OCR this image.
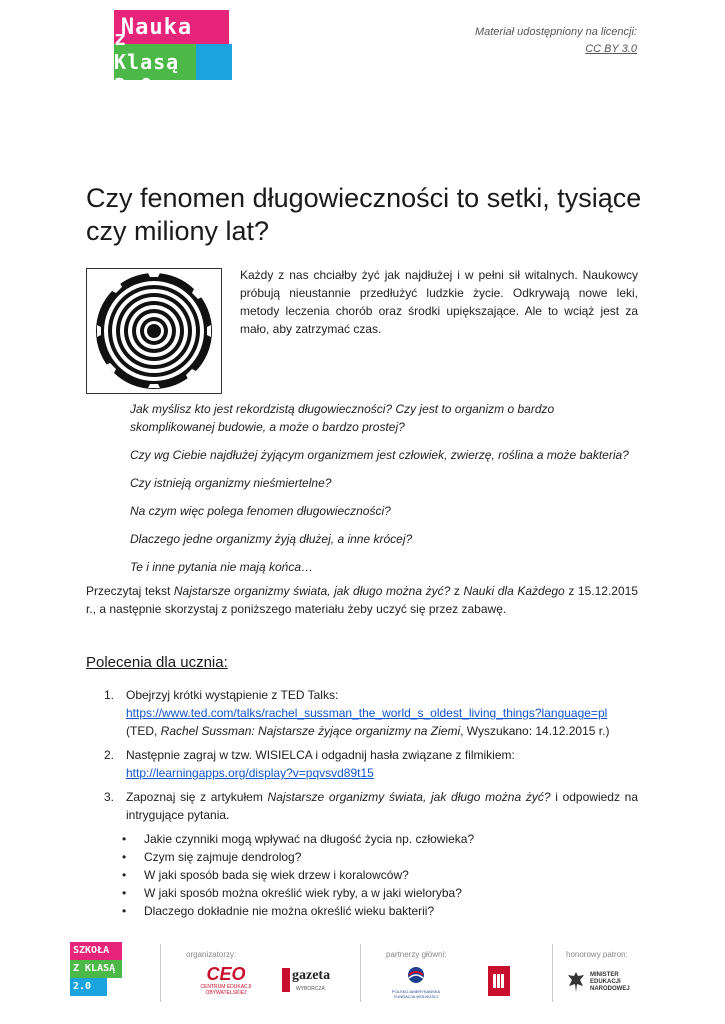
Nauka
z Klasą 2.0
Materiał udostępniony na licencji:
CC BY 3.0
Czy fenomen długowieczności to setki, tysiące czy miliony lat?
Każdy z nas chciałby żyć jak najdłużej i w pełni sił witalnych. Naukowcy próbują nieustannie przedłużyć ludzkie życie. Odkrywają nowe leki, metody leczenia chorób oraz środki upiększające. Ale to wciąż jest za mało, aby zatrzymać czas.

Jak myślisz kto jest rekordzistą długowieczności? Czy jest to organizm o bardzo skomplikowanej budowie, a może o bardzo prostej?

Czy wg Ciebie najdłużej żyjącym organizmem jest człowiek, zwierzę, roślina a może bakteria?

Czy istnieją organizmy nieśmiertelne?

Na czym więc polega fenomen długowieczności?

Dlaczego jedne organizmy żyją dłużej, a inne krócej?

Te i inne pytania nie mają końca…

Przeczytaj tekst Najstarsze organizmy świata, jak długo można żyć? z Nauki dla Każdego z 15.12.2015 r., a następnie skorzystaj z poniższego materiału żeby uczyć się przez zabawę.
Polecenia dla ucznia:
1. Obejrzyj krótki wystąpienie z TED Talks:
https://www.ted.com/talks/rachel_sussman_the_world_s_oldest_living_things?language=pl
(TED, Rachel Sussman: Najstarsze żyjące organizmy na Ziemi, Wyszukano: 14.12.2015 r.)
2. Następnie zagraj w tzw. WISIELCA i odgadnij hasła związane z filmikiem:
http://learningapps.org/display?v=pqvsvd89t15
3. Zapoznaj się z artykułem Najstarsze organizmy świata, jak długo można żyć? i odpowiedz na intrygujące pytania.
•	Jakie czynniki mogą wpływać na długość życia np. człowieka?
•	Czym się zajmuje dendrolog?
•	W jaki sposób bada się wiek drzew i koralowców?
•	W jaki sposób można określić wiek ryby, a w jaki wieloryba?
•	Dlaczego dokładnie nie można określić wieku bakterii?
SZKOŁA
Z KLASĄ
2.0
organizatorzy:
CEO
CENTRUM EDUKACJI OBYWATELSKIEJ
gazeta
WYBORCZA
partnerzy główni:
POLSKO-AMERYKAŃSKA FUNDACJA WOLNOŚCI
honorowy patron:
MINISTER EDUKACJI NARODOWEJ
